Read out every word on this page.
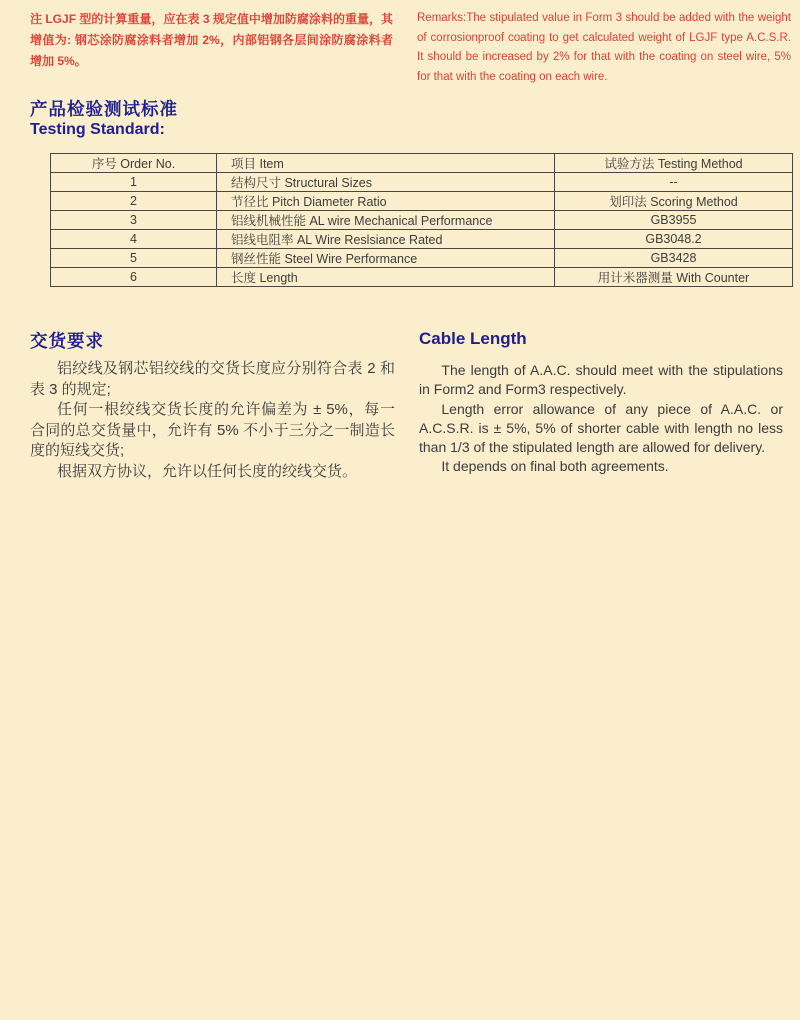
注 LGJF 型的计算重量，应在表 3 规定值中增加防腐涂料的重量，其增值为: 钢芯涂防腐涂料者增加 2%，内部铝钢各层间涂防腐涂料者增加 5%。
Remarks:The stipulated value in Form 3 should be added with the weight of corrosionproof coating to get calculated weight of LGJF type A.C.S.R. It should be increased by 2% for that with the coating on steel wire, 5% for that with the coating on each wire.
产品检验测试标准
Testing Standard:
序号 Order No.	项目 Item	试验方法 Testing Method
1	结构尺寸 Structural Sizes	--
2	节径比 Pitch Diameter Ratio	划印法 Scoring Method
3	铝线机械性能 AL wire Mechanical Performance	GB3955
4	铝线电阻率 AL Wire Reslsiance Rated	GB3048.2
5	钢丝性能 Steel Wire Performance	GB3428
6	长度 Length	用计米器测量 With Counter
交货要求	Cable Length

铝绞线及钢芯铝绞线的交货长度应分别符合表 2 和表 3 的规定;

任何一根绞线交货长度的允许偏差为 ± 5%，每一合同的总交货量中，允许有 5% 不小于三分之一制造长度的短线交货;

根据双方协议，允许以任何长度的绞线交货。

The length of A.A.C. should meet with the stipulations in Form2 and Form3 respectively.

Length error allowance of any piece of A.A.C. or A.C.S.R. is ± 5%, 5% of shorter cable with length no less than 1/3 of the stipulated length are allowed for delivery.

It depends on final both agreements.
